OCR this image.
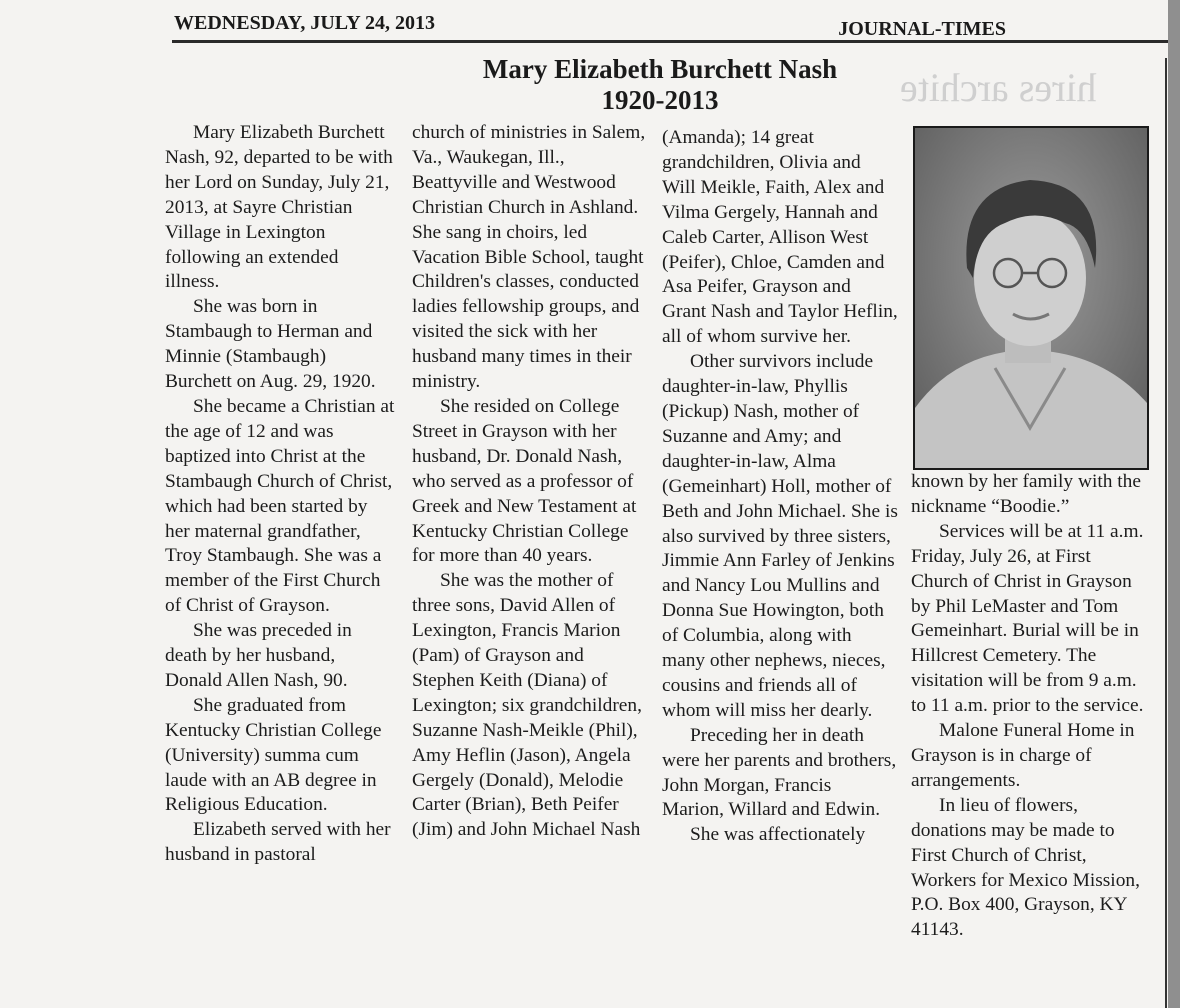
hires archite
WEDNESDAY, JULY 24, 2013	JOURNAL-TIMES
Mary Elizabeth Burchett Nash
1920-2013

Mary Elizabeth Burchett Nash, 92, departed to be with her Lord on Sunday, July 21, 2013, at Sayre Christian Village in Lexington following an extended illness.

She was born in Stambaugh to Herman and Minnie (Stambaugh) Burchett on Aug. 29, 1920.

She became a Christian at the age of 12 and was baptized into Christ at the Stambaugh Church of Christ, which had been started by her maternal grandfather, Troy Stambaugh. She was a member of the First Church of Christ of Grayson.

She was preceded in death by her husband, Donald Allen Nash, 90.

She graduated from Kentucky Christian College (University) summa cum laude with an AB degree in Religious Education.

Elizabeth served with her husband in pastoral

church of ministries in Salem, Va., Waukegan, Ill., Beattyville and Westwood Christian Church in Ashland. She sang in choirs, led Vacation Bible School, taught Children's classes, conducted ladies fellowship groups, and visited the sick with her husband many times in their ministry.

She resided on College Street in Grayson with her husband, Dr. Donald Nash, who served as a professor of Greek and New Testament at Kentucky Christian College for more than 40 years.

She was the mother of three sons, David Allen of Lexington, Francis Marion (Pam) of Grayson and Stephen Keith (Diana) of Lexington; six grandchildren, Suzanne Nash-Meikle (Phil), Amy Heflin (Jason), Angela Gergely (Donald), Melodie Carter (Brian), Beth Peifer (Jim) and John Michael Nash

(Amanda); 14 great grandchildren, Olivia and Will Meikle, Faith, Alex and Vilma Gergely, Hannah and Caleb Carter, Allison West (Peifer), Chloe, Camden and Asa Peifer, Grayson and Grant Nash and Taylor Heflin, all of whom survive her.

Other survivors include daughter-in-law, Phyllis (Pickup) Nash, mother of Suzanne and Amy; and daughter-in-law, Alma (Gemeinhart) Holl, mother of Beth and John Michael. She is also survived by three sisters, Jimmie Ann Farley of Jenkins and Nancy Lou Mullins and Donna Sue Howington, both of Columbia, along with many other nephews, nieces, cousins and friends all of whom will miss her dearly.

Preceding her in death were her parents and brothers, John Morgan, Francis Marion, Willard and Edwin.

She was affectionately

known by her family with the nickname “Boodie.”

Services will be at 11 a.m. Friday, July 26, at First Church of Christ in Grayson by Phil LeMaster and Tom Gemeinhart. Burial will be in Hillcrest Cemetery. The visitation will be from 9 a.m. to 11 a.m. prior to the service.

Malone Funeral Home in Grayson is in charge of arrangements.

In lieu of flowers, donations may be made to First Church of Christ, Workers for Mexico Mission, P.O. Box 400, Grayson, KY 41143.
